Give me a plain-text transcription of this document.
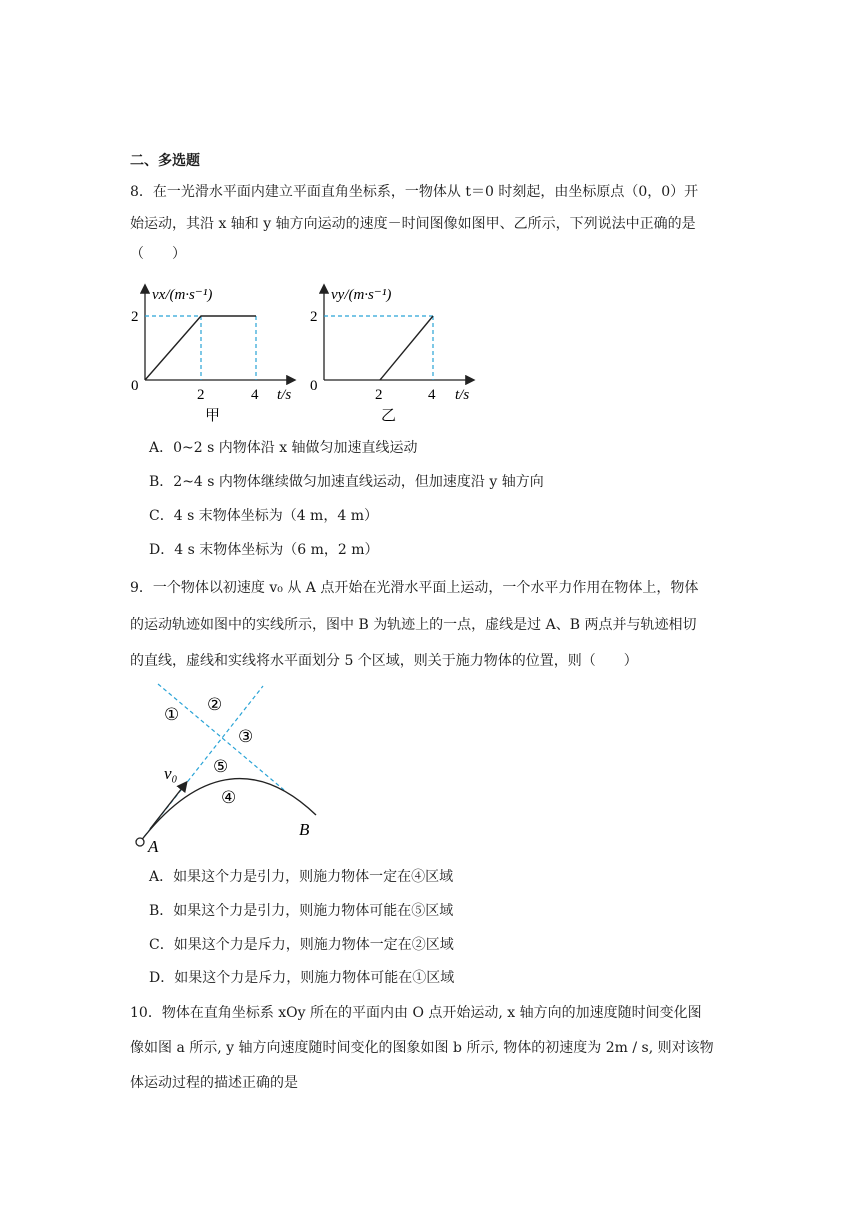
二、多选题
8．在一光滑水平面内建立平面直角坐标系，一物体从 t＝0 时刻起，由坐标原点（0，0）开
始运动，其沿 x 轴和 y 轴方向运动的速度－时间图像如图甲、乙所示，下列说法中正确的是
（　　）
vx/(m·s⁻¹)
2
0
2	4 t/s
甲
vy/(m·s⁻¹)
2
0
2	4 t/s
乙
A．0~2 s 内物体沿 x 轴做匀加速直线运动
B．2~4 s 内物体继续做匀加速直线运动，但加速度沿 y 轴方向
C．4 s 末物体坐标为（4 m，4 m）
D．4 s 末物体坐标为（6 m，2 m）
9．一个物体以初速度 v₀ 从 A 点开始在光滑水平面上运动，一个水平力作用在物体上，物体
的运动轨迹如图中的实线所示，图中 B 为轨迹上的一点，虚线是过 A、B 两点并与轨迹相切
的直线，虚线和实线将水平面划分 5 个区域，则关于施力物体的位置，则（　　）
①
②
③
④
⑤
v₀
A
B
A．如果这个力是引力，则施力物体一定在④区域
B．如果这个力是引力，则施力物体可能在⑤区域
C．如果这个力是斥力，则施力物体一定在②区域
D．如果这个力是斥力，则施力物体可能在①区域
10．物体在直角坐标系 xOy 所在的平面内由 O 点开始运动, x 轴方向的加速度随时间变化图
像如图 a 所示, y 轴方向速度随时间变化的图象如图 b 所示, 物体的初速度为 2m / s, 则对该物
体运动过程的描述正确的是
